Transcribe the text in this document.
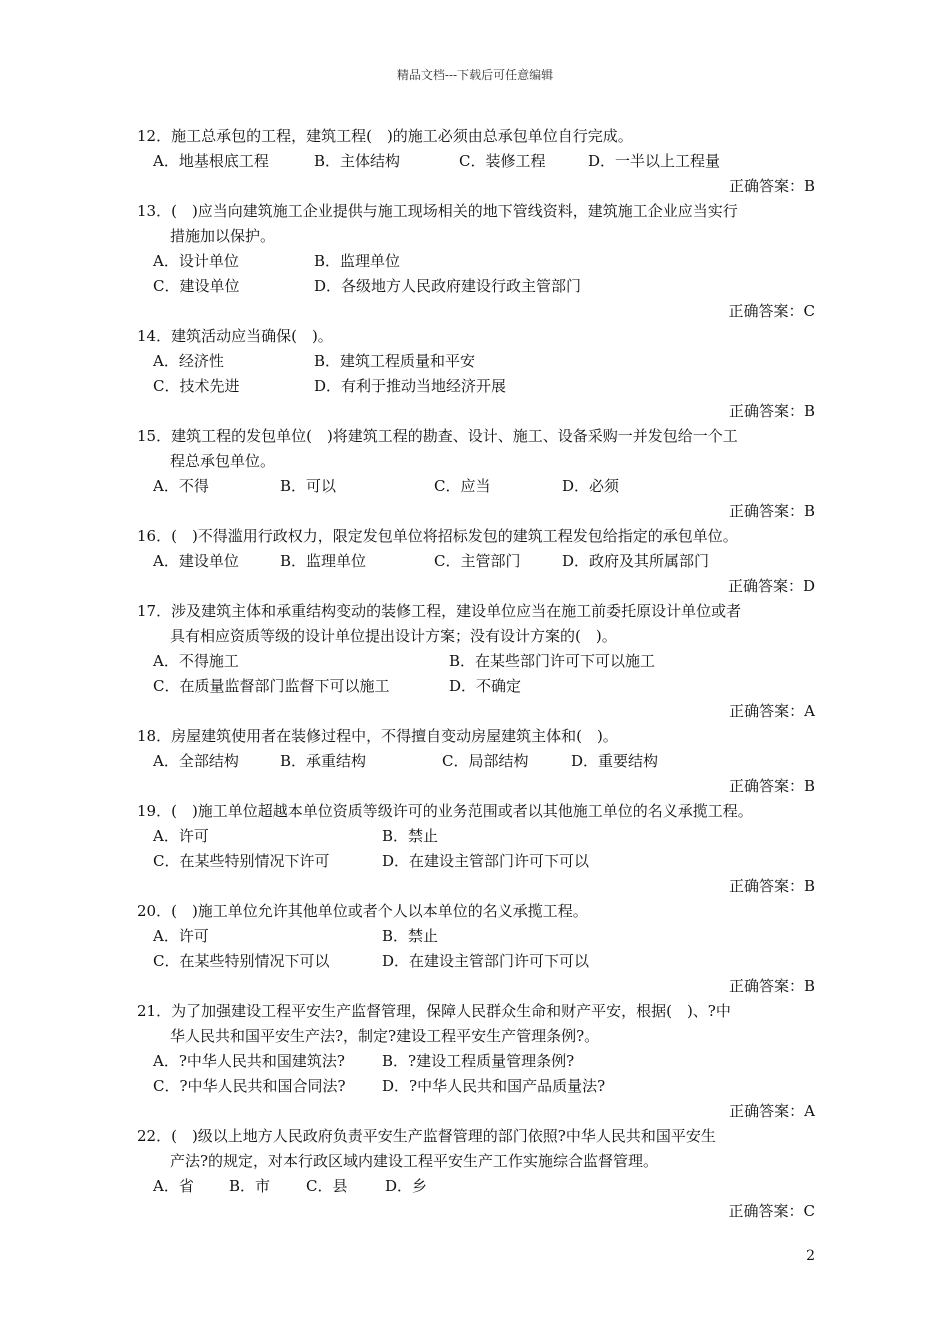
精品文档---下载后可任意编辑
12．施工总承包的工程，建筑工程(　)的施工必须由总承包单位自行完成。
A．地基根底工程	B．主体结构	C．装修工程	D．一半以上工程量
正确答案：B
13．(　)应当向建筑施工企业提供与施工现场相关的地下管线资料，建筑施工企业应当实行
措施加以保护。
A．设计单位	B．监理单位
C．建设单位	D．各级地方人民政府建设行政主管部门
正确答案：C
14．建筑活动应当确保(　)。
A．经济性	B．建筑工程质量和平安
C．技术先进	D．有利于推动当地经济开展
正确答案：B
15．建筑工程的发包单位(　)将建筑工程的勘查、设计、施工、设备采购一并发包给一个工
程总承包单位。
A．不得	B．可以	C．应当	D．必须
正确答案：B
16．(　)不得滥用行政权力，限定发包单位将招标发包的建筑工程发包给指定的承包单位。
A．建设单位	B．监理单位	C．主管部门	D．政府及其所属部门
正确答案：D
17．涉及建筑主体和承重结构变动的装修工程，建设单位应当在施工前委托原设计单位或者
具有相应资质等级的设计单位提出设计方案；没有设计方案的(　)。
A．不得施工	B．在某些部门许可下可以施工
C．在质量监督部门监督下可以施工	D．不确定
正确答案：A
18．房屋建筑使用者在装修过程中，不得擅自变动房屋建筑主体和(　)。
A．全部结构	B．承重结构	C．局部结构	D．重要结构
正确答案：B
19．(　)施工单位超越本单位资质等级许可的业务范围或者以其他施工单位的名义承揽工程。
A．许可	B．禁止
C．在某些特别情况下许可	D．在建设主管部门许可下可以
正确答案：B
20．(　)施工单位允许其他单位或者个人以本单位的名义承揽工程。
A．许可	B．禁止
C．在某些特别情况下可以	D．在建设主管部门许可下可以
正确答案：B
21．为了加强建设工程平安生产监督管理，保障人民群众生命和财产平安，根据(　)、?中
华人民共和国平安生产法?，制定?建设工程平安生产管理条例?。
A．?中华人民共和国建筑法? B．?建设工程质量管理条例?
C．?中华人民共和国合同法? D．?中华人民共和国产品质量法?
正确答案：A
22．(　)级以上地方人民政府负责平安生产监督管理的部门依照?中华人民共和国平安生
产法?的规定，对本行政区域内建设工程平安生产工作实施综合监督管理。
A．省 B．市 C．县	D．乡
正确答案：C
2
